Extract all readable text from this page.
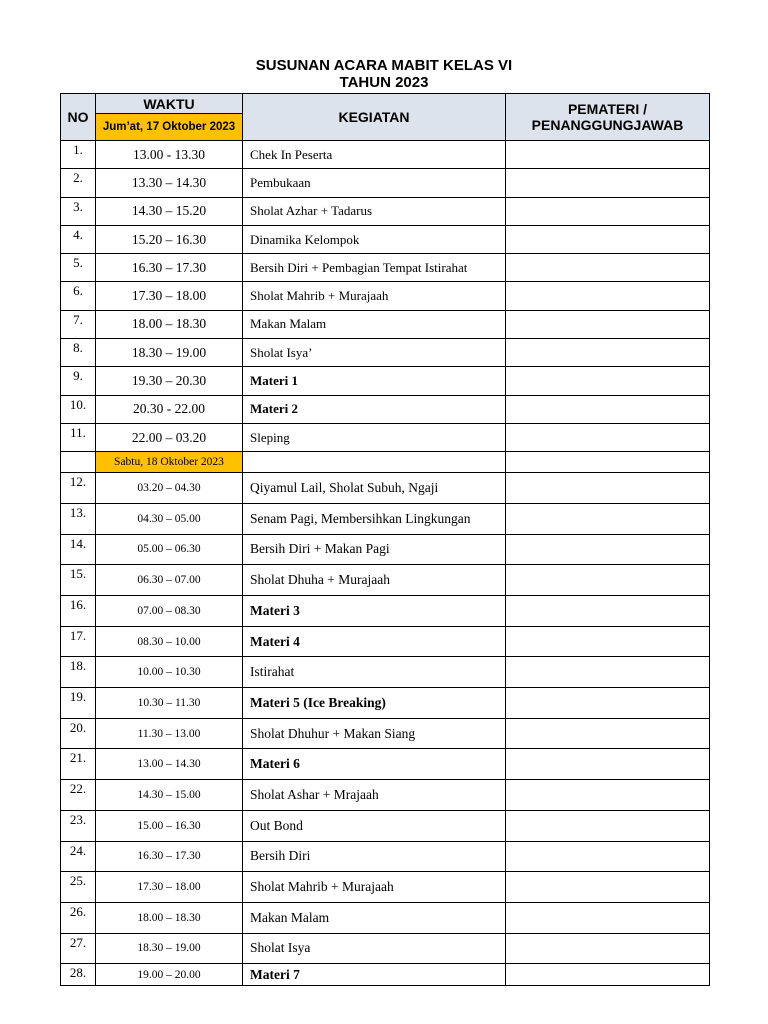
SUSUNAN ACARA MABIT KELAS VI
TAHUN 2023
NO	WAKTU	KEGIATAN	PEMATERI / PENANGGUNGJAWAB
	Jum’at, 17 Oktober 2023		
1.	13.00 - 13.30	Chek In Peserta	
2.	13.30 – 14.30	Pembukaan	
3.	14.30 – 15.20	Sholat Azhar + Tadarus	
4.	15.20 – 16.30	Dinamika Kelompok	
5.	16.30 – 17.30	Bersih Diri + Pembagian Tempat Istirahat	
6.	17.30 – 18.00	Sholat Mahrib + Murajaah	
7.	18.00 – 18.30	Makan Malam	
8.	18.30 – 19.00	Sholat Isya’	
9.	19.30 – 20.30	Materi 1	
10.	20.30 - 22.00	Materi 2	
11.	22.00 – 03.20	Sleping	
	Sabtu, 18 Oktober 2023		
12.	03.20 – 04.30	Qiyamul Lail, Sholat Subuh, Ngaji	
13.	04.30 – 05.00	Senam Pagi, Membersihkan Lingkungan	
14.	05.00 – 06.30	Bersih Diri + Makan Pagi	
15.	06.30 – 07.00	Sholat Dhuha + Murajaah	
16.	07.00 – 08.30	Materi 3	
17.	08.30 – 10.00	Materi 4	
18.	10.00 – 10.30	Istirahat	
19.	10.30 – 11.30	Materi 5 (Ice Breaking)	
20.	11.30 – 13.00	Sholat Dhuhur + Makan Siang	
21.	13.00 – 14.30	Materi 6	
22.	14.30 – 15.00	Sholat Ashar + Mrajaah	
23.	15.00 – 16.30	Out Bond	
24.	16.30 – 17.30	Bersih Diri	
25.	17.30 – 18.00	Sholat Mahrib + Murajaah	
26.	18.00 – 18.30	Makan Malam	
27.	18.30 – 19.00	Sholat Isya	
28.	19.00 – 20.00	Materi 7	
